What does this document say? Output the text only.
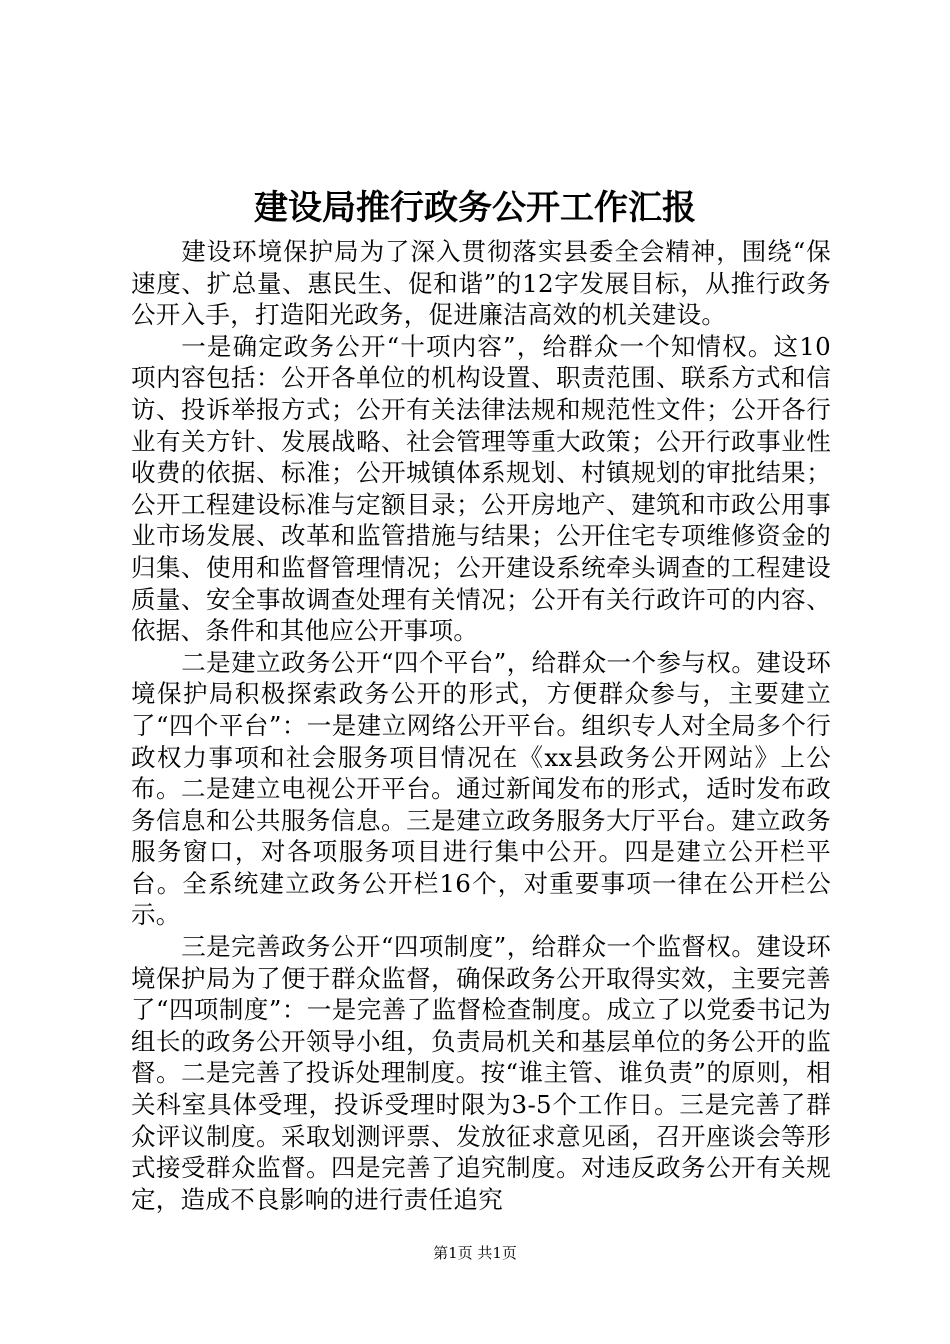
建设局推行政务公开工作汇报

建设环境保护局为了深入贯彻落实县委全会精神，围绕“保速度、扩总量、惠民生、促和谐”的12字发展目标，从推行政务公开入手，打造阳光政务，促进廉洁高效的机关建设。

一是确定政务公开“十项内容”，给群众一个知情权。这10项内容包括：公开各单位的机构设置、职责范围、联系方式和信访、投诉举报方式；公开有关法律法规和规范性文件；公开各行业有关方针、发展战略、社会管理等重大政策；公开行政事业性收费的依据、标准；公开城镇体系规划、村镇规划的审批结果；公开工程建设标准与定额目录；公开房地产、建筑和市政公用事业市场发展、改革和监管措施与结果；公开住宅专项维修资金的归集、使用和监督管理情况；公开建设系统牵头调查的工程建设质量、安全事故调查处理有关情况；公开有关行政许可的内容、依据、条件和其他应公开事项。

二是建立政务公开“四个平台”，给群众一个参与权。建设环境保护局积极探索政务公开的形式，方便群众参与，主要建立了“四个平台”：一是建立网络公开平台。组织专人对全局多个行政权力事项和社会服务项目情况在《xx县政务公开网站》上公布。二是建立电视公开平台。通过新闻发布的形式，适时发布政务信息和公共服务信息。三是建立政务服务大厅平台。建立政务服务窗口，对各项服务项目进行集中公开。四是建立公开栏平台。全系统建立政务公开栏16个，对重要事项一律在公开栏公示。

三是完善政务公开“四项制度”，给群众一个监督权。建设环境保护局为了便于群众监督，确保政务公开取得实效，主要完善了“四项制度”：一是完善了监督检查制度。成立了以党委书记为组长的政务公开领导小组，负责局机关和基层单位的务公开的监督。二是完善了投诉处理制度。按“谁主管、谁负责”的原则，相关科室具体受理，投诉受理时限为3-5个工作日。三是完善了群众评议制度。采取划测评票、发放征求意见函，召开座谈会等形式接受群众监督。四是完善了追究制度。对违反政务公开有关规定，造成不良影响的进行责任追究

第1页 共1页
